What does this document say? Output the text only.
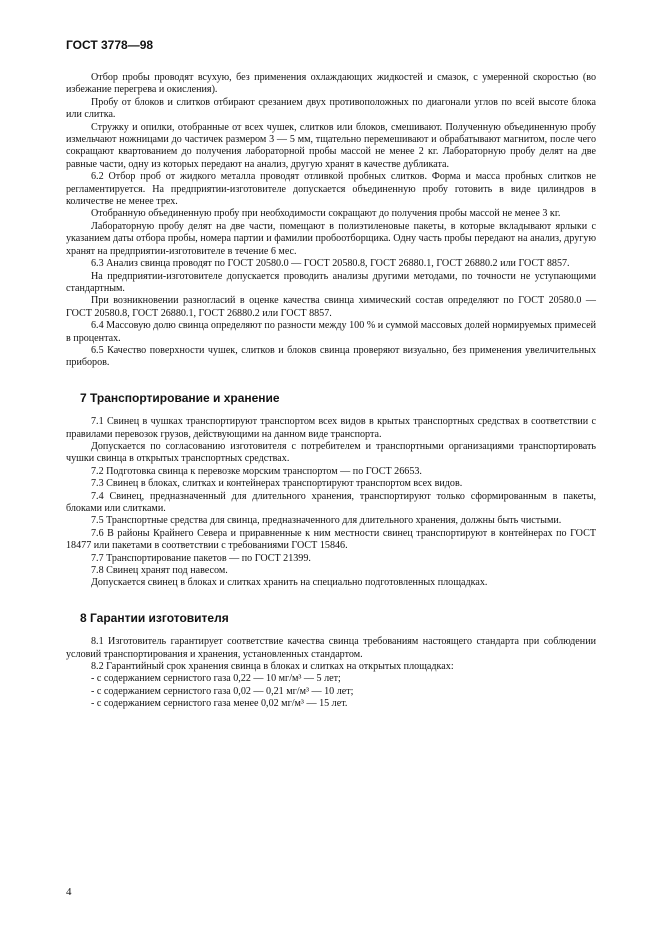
ГОСТ 3778—98

Отбор пробы проводят всухую, без применения охлаждающих жидкостей и смазок, с умеренной скоростью (во избежание перегрева и окисления).

Пробу от блоков и слитков отбирают срезанием двух противоположных по диагонали углов по всей высоте блока или слитка.

Стружку и опилки, отобранные от всех чушек, слитков или блоков, смешивают. Полученную объединенную пробу измельчают ножницами до частичек размером 3 — 5 мм, тщательно перемешивают и обрабатывают магнитом, после чего сокращают квартованием до получения лабораторной пробы массой не менее 2 кг. Лабораторную пробу делят на две равные части, одну из которых передают на анализ, другую хранят в качестве дубликата.

6.2 Отбор проб от жидкого металла проводят отливкой пробных слитков. Форма и масса пробных слитков не регламентируется. На предприятии-изготовителе допускается объединенную пробу готовить в виде цилиндров в количестве не менее трех.

Отобранную объединенную пробу при необходимости сокращают до получения пробы массой не менее 3 кг.

Лабораторную пробу делят на две части, помещают в полиэтиленовые пакеты, в которые вкладывают ярлыки с указанием даты отбора пробы, номера партии и фамилии пробоотборщика. Одну часть пробы передают на анализ, другую хранят на предприятии-изготовителе в течение 6 мес.

6.3 Анализ свинца проводят по ГОСТ 20580.0 — ГОСТ 20580.8, ГОСТ 26880.1, ГОСТ 26880.2 или ГОСТ 8857.

На предприятии-изготовителе допускается проводить анализы другими методами, по точности не уступающими стандартным.

При возникновении разногласий в оценке качества свинца химический состав определяют по ГОСТ 20580.0 — ГОСТ 20580.8, ГОСТ 26880.1, ГОСТ 26880.2 или ГОСТ 8857.

6.4 Массовую долю свинца определяют по разности между 100 % и суммой массовых долей нормируемых примесей в процентах.

6.5 Качество поверхности чушек, слитков и блоков свинца проверяют визуально, без применения увеличительных приборов.

7 Транспортирование и хранение

7.1 Свинец в чушках транспортируют транспортом всех видов в крытых транспортных средствах в соответствии с правилами перевозок грузов, действующими на данном виде транспорта.

Допускается по согласованию изготовителя с потребителем и транспортными организациями транспортировать чушки свинца в открытых транспортных средствах.

7.2 Подготовка свинца к перевозке морским транспортом — по ГОСТ 26653.

7.3 Свинец в блоках, слитках и контейнерах транспортируют транспортом всех видов.

7.4 Свинец, предназначенный для длительного хранения, транспортируют только сформированным в пакеты, блоками или слитками.

7.5 Транспортные средства для свинца, предназначенного для длительного хранения, должны быть чистыми.

7.6 В районы Крайнего Севера и приравненные к ним местности свинец транспортируют в контейнерах по ГОСТ 18477 или пакетами в соответствии с требованиями ГОСТ 15846.

7.7 Транспортирование пакетов — по ГОСТ 21399.

7.8 Свинец хранят под навесом.

Допускается свинец в блоках и слитках хранить на специально подготовленных площадках.

8 Гарантии изготовителя

8.1 Изготовитель гарантирует соответствие качества свинца требованиям настоящего стандарта при соблюдении условий транспортирования и хранения, установленных стандартом.

8.2 Гарантийный срок хранения свинца в блоках и слитках на открытых площадках:

- с содержанием сернистого газа 0,22 — 10 мг/м³ — 5 лет;

- с содержанием сернистого газа 0,02 — 0,21 мг/м³ — 10 лет;

- с содержанием сернистого газа менее 0,02 мг/м³ — 15 лет.

4
